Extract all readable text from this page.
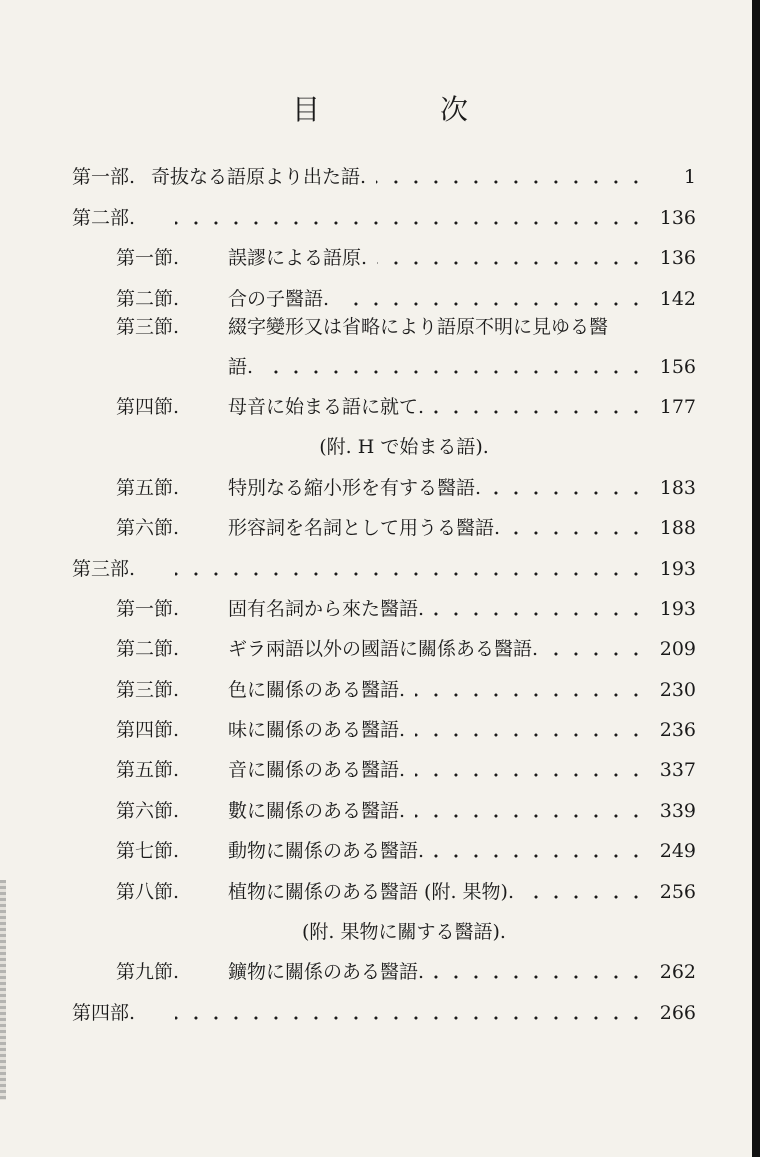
目　次
第一部. 奇抜なる語原より出た語.	1
第二部.	136
第一節.	誤謬による語原.	136
第二節.	合の子醫語.	142
第三節.	綴字變形又は省略により語原不明に見ゆる醫
語.	156
第四節.	母音に始まる語に就て.	177
(附. H で始まる語).
第五節.	特別なる縮小形を有する醫語.	183
第六節.	形容詞を名詞として用うる醫語.	188
第三部.	193
第一節.	固有名詞から來た醫語.	193
第二節.	ギラ兩語以外の國語に關係ある醫語.	209
第三節.	色に關係のある醫語.	230
第四節.	味に關係のある醫語.	236
第五節.	音に關係のある醫語.	337
第六節.	數に關係のある醫語.	339
第七節.	動物に關係のある醫語.	249
第八節.	植物に關係のある醫語 (附. 果物).	256
(附. 果物に關する醫語).
第九節.	鑛物に關係のある醫語.	262
第四部.	266
